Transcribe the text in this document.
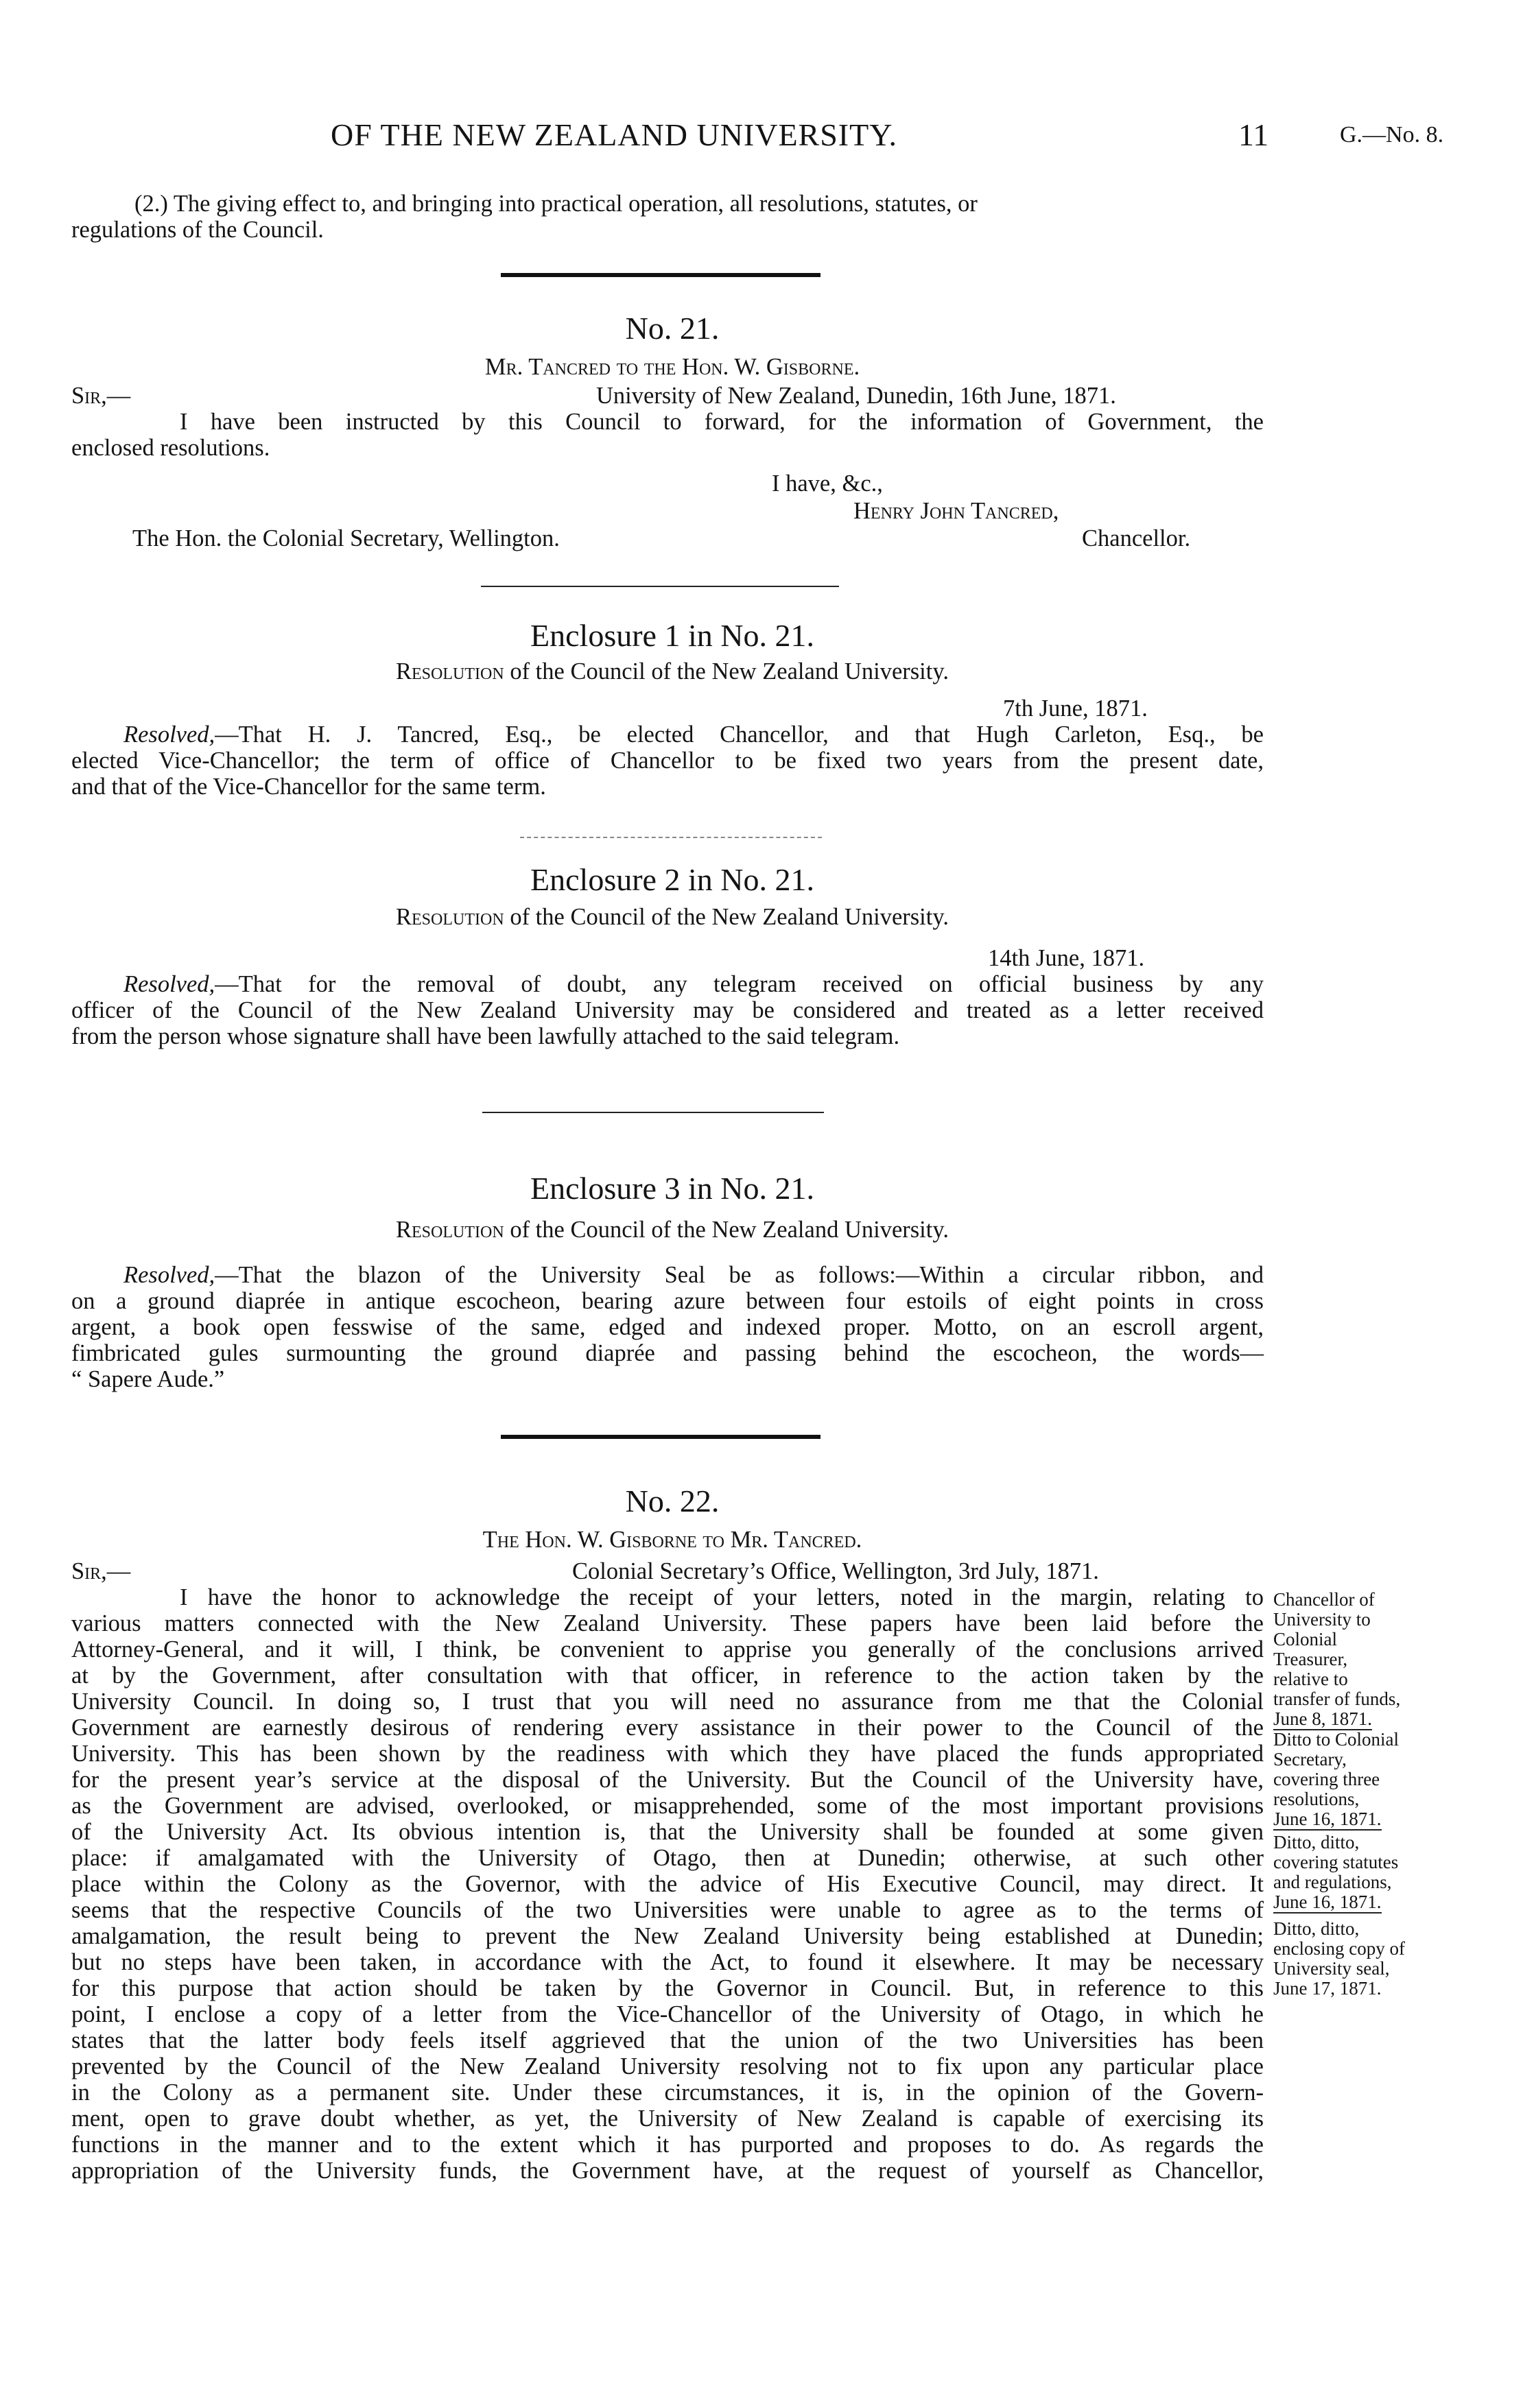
OF THE NEW ZEALAND UNIVERSITY.	11	G.—No. 8.
(2.) The giving effect to, and bringing into practical operation, all resolutions, statutes, or
regulations of the Council.
No. 21.
Mr. Tancred to the Hon. W. Gisborne.
Sir,—	University of New Zealand, Dunedin, 16th June, 1871.
I have been instructed by this Council to forward, for the information of Government, the
enclosed resolutions.
I have, &c.,
Henry John Tancred,
The Hon. the Colonial Secretary, Wellington.	Chancellor.
Enclosure 1 in No. 21.
Resolution of the Council of the New Zealand University.
7th June, 1871.
Resolved,—That H. J. Tancred, Esq., be elected Chancellor, and that Hugh Carleton, Esq., be
elected Vice-Chancellor; the term of office of Chancellor to be fixed two years from the present date,
and that of the Vice-Chancellor for the same term.
Enclosure 2 in No. 21.
Resolution of the Council of the New Zealand University.
14th June, 1871.
Resolved,—That for the removal of doubt, any telegram received on official business by any
officer of the Council of the New Zealand University may be considered and treated as a letter received
from the person whose signature shall have been lawfully attached to the said telegram.
Enclosure 3 in No. 21.
Resolution of the Council of the New Zealand University.
Resolved,—That the blazon of the University Seal be as follows:—Within a circular ribbon, and
on a ground diaprée in antique escocheon, bearing azure between four estoils of eight points in cross
argent, a book open fesswise of the same, edged and indexed proper. Motto, on an escroll argent,
fimbricated gules surmounting the ground diaprée and passing behind the escocheon, the words—
“ Sapere Aude.”
No. 22.
The Hon. W. Gisborne to Mr. Tancred.
Sir,—	Colonial Secretary’s Office, Wellington, 3rd July, 1871.
I have the honor to acknowledge the receipt of your letters, noted in the margin, relating to
various matters connected with the New Zealand University. These papers have been laid before the
Attorney-General, and it will, I think, be convenient to apprise you generally of the conclusions arrived
at by the Government, after consultation with that officer, in reference to the action taken by the
University Council. In doing so, I trust that you will need no assurance from me that the Colonial
Government are earnestly desirous of rendering every assistance in their power to the Council of the
University. This has been shown by the readiness with which they have placed the funds appropriated
for the present year’s service at the disposal of the University. But the Council of the University have,
as the Government are advised, overlooked, or misapprehended, some of the most important provisions
of the University Act. Its obvious intention is, that the University shall be founded at some given
place: if amalgamated with the University of Otago, then at Dunedin; otherwise, at such other
place within the Colony as the Governor, with the advice of His Executive Council, may direct. It
seems that the respective Councils of the two Universities were unable to agree as to the terms of
amalgamation, the result being to prevent the New Zealand University being established at Dunedin;
but no steps have been taken, in accordance with the Act, to found it elsewhere. It may be necessary
for this purpose that action should be taken by the Governor in Council. But, in reference to this
point, I enclose a copy of a letter from the Vice-Chancellor of the University of Otago, in which he
states that the latter body feels itself aggrieved that the union of the two Universities has been
prevented by the Council of the New Zealand University resolving not to fix upon any particular place
in the Colony as a permanent site. Under these circumstances, it is, in the opinion of the Govern-
ment, open to grave doubt whether, as yet, the University of New Zealand is capable of exercising its
functions in the manner and to the extent which it has purported and proposes to do. As regards the
appropriation of the University funds, the Government have, at the request of yourself as Chancellor,
Chancellor of
University to
Colonial
Treasurer,
relative to
transfer of funds,
June 8, 1871.
Ditto to Colonial
Secretary,
covering three
resolutions,
June 16, 1871.
Ditto, ditto,
covering statutes
and regulations,
June 16, 1871.
Ditto, ditto,
enclosing copy of
University seal,
June 17, 1871.
